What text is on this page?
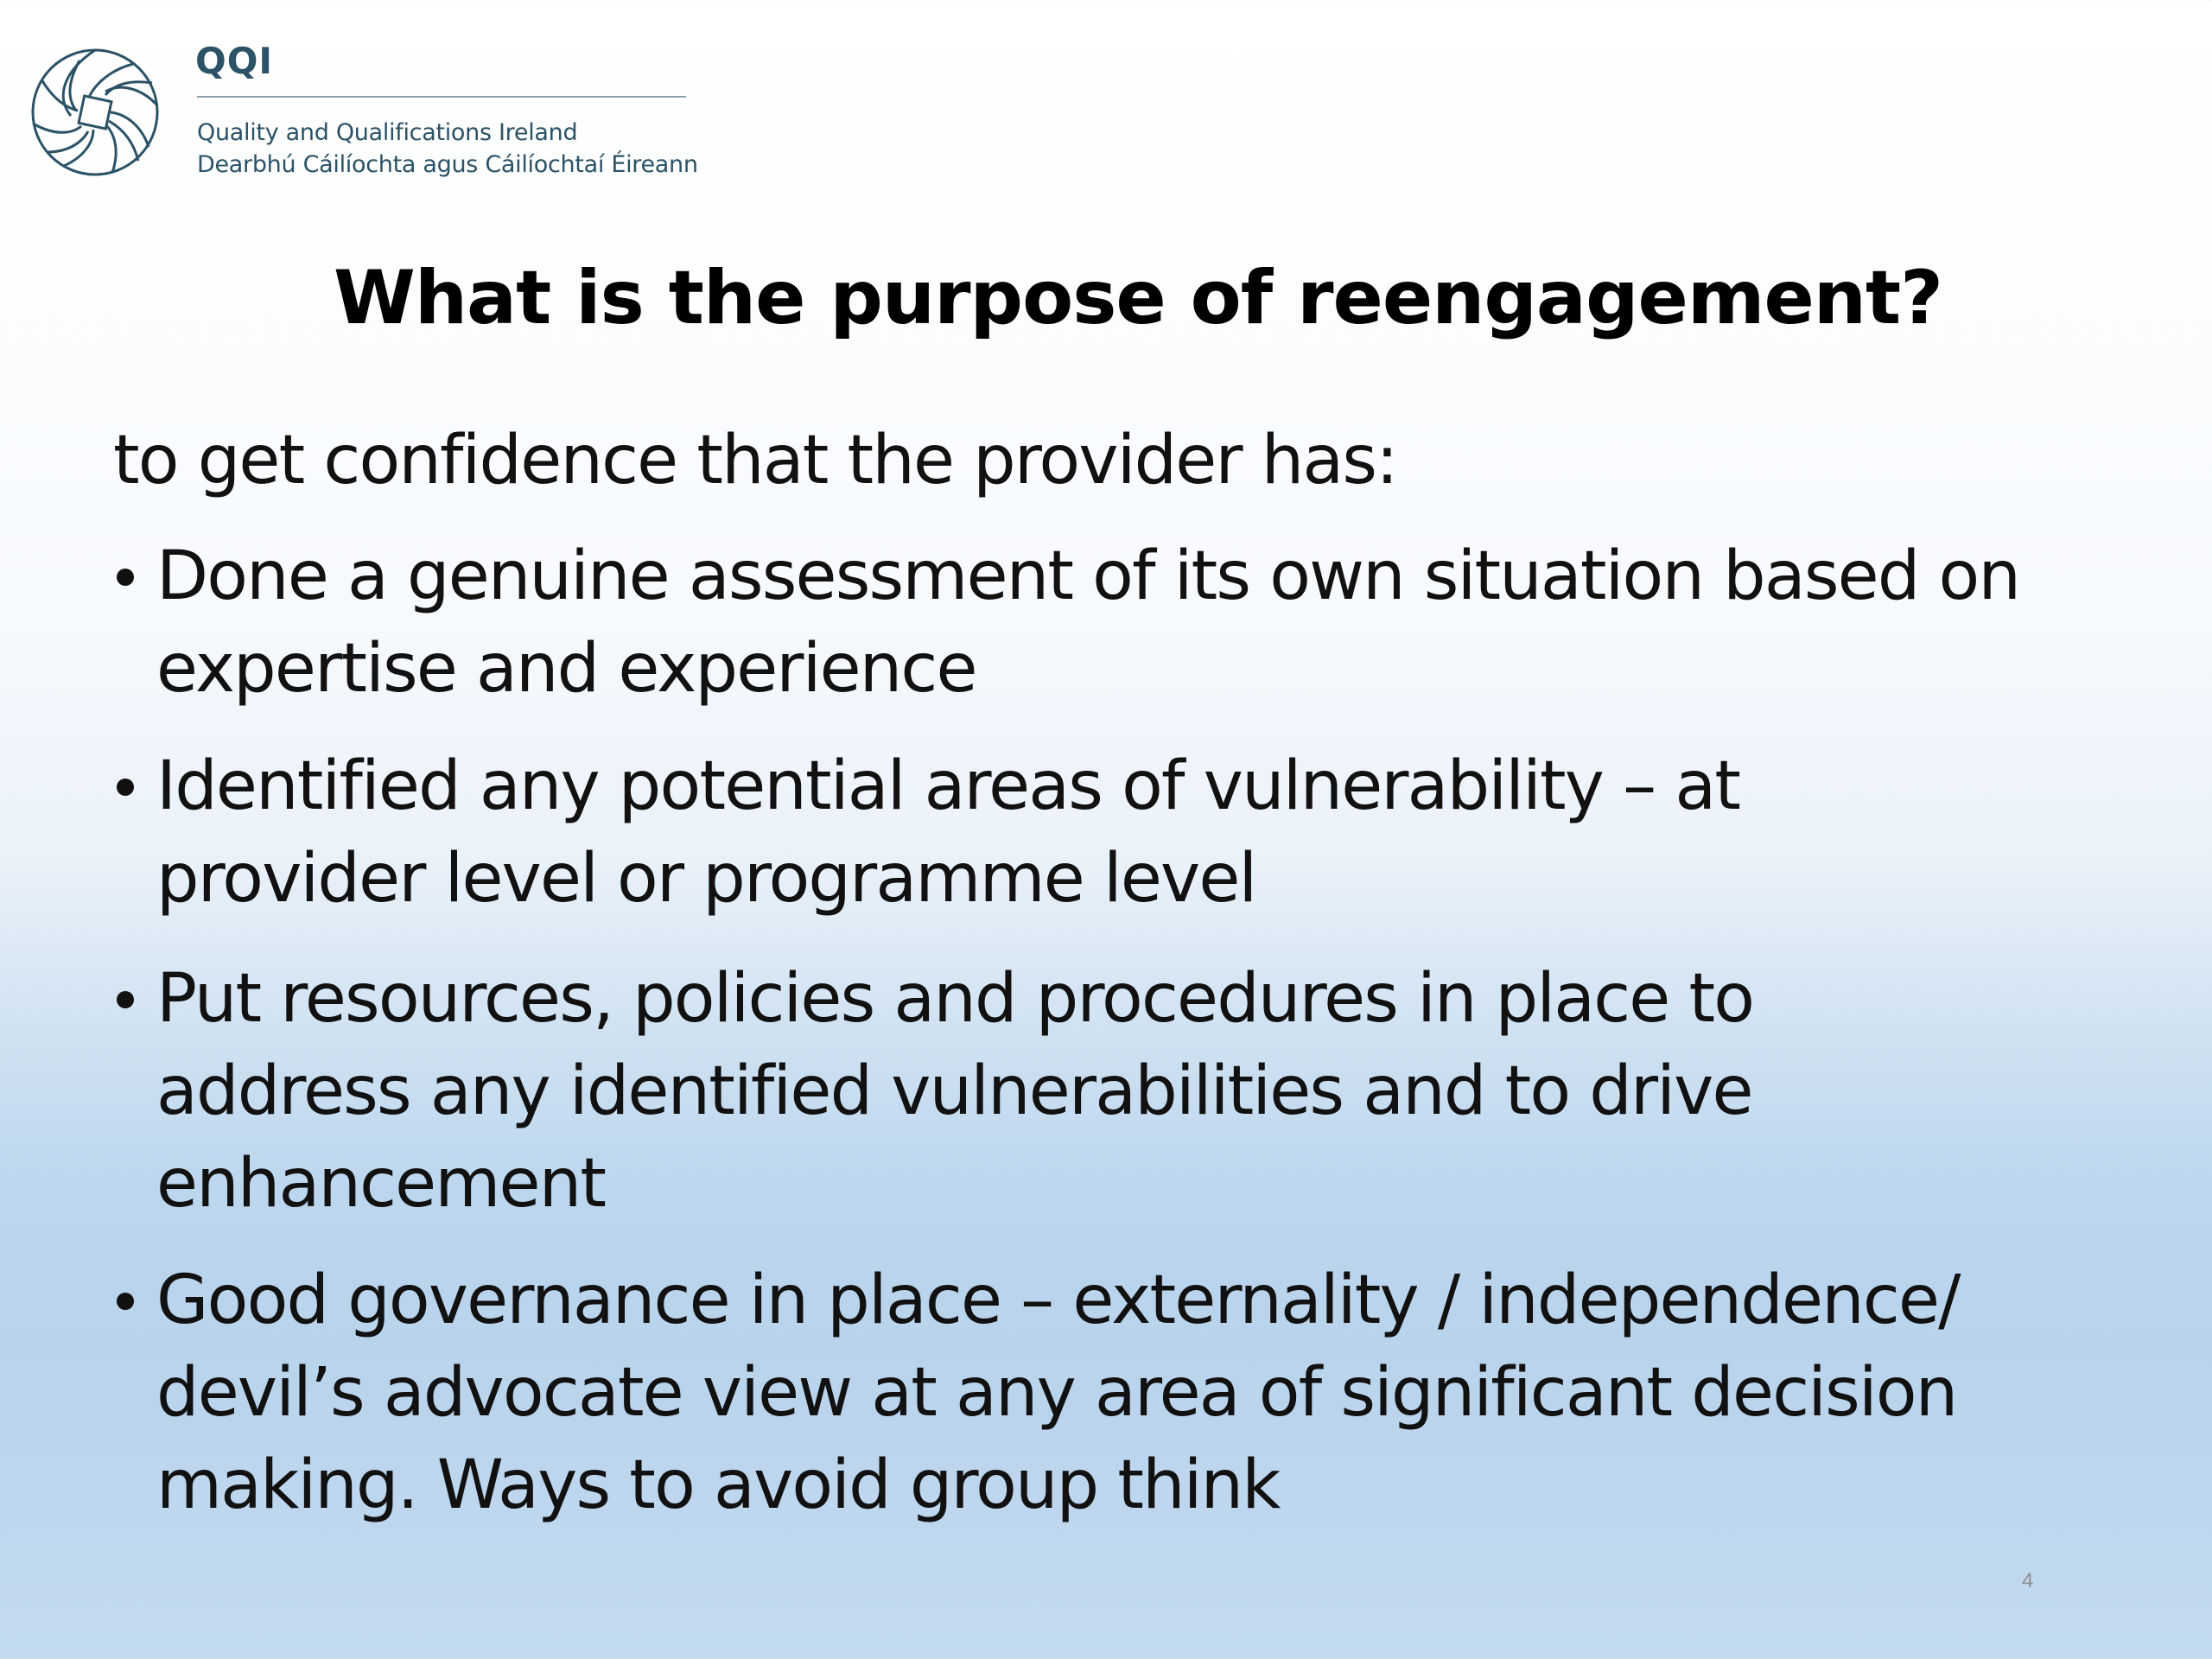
QQI
Quality and Qualifications Ireland
Dearbhú Cáilíochta agus Cáilíochtaí Éireann
What is the purpose of reengagement?
to get confidence that the provider has:
Done a genuine assessment of its own situation based on
expertise and experience
Identified any potential areas of vulnerability – at
provider level or programme level
Put resources, policies and procedures in place to
address any identified vulnerabilities and to drive
enhancement
Good governance in place – externality / independence/
devil’s advocate view at any area of significant decision
making. Ways to avoid group think
4
